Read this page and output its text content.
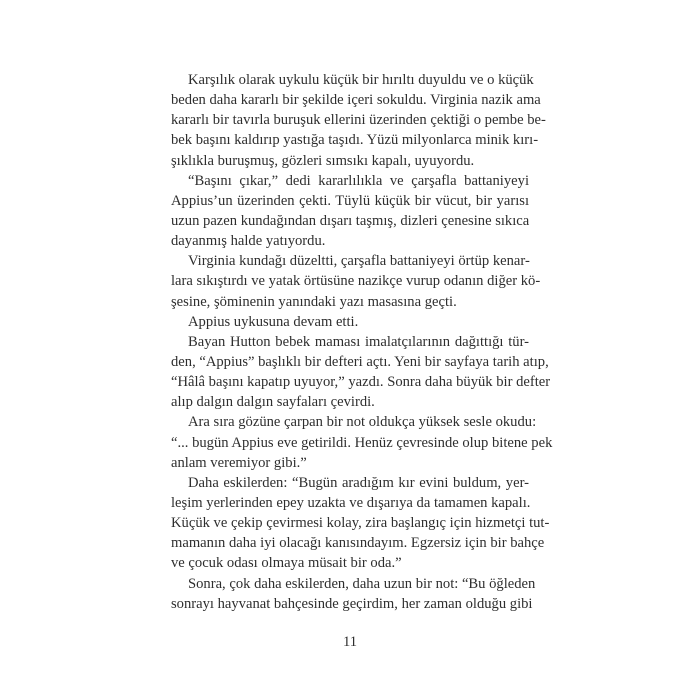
Karşılık olarak uykulu küçük bir hırıltı duyuldu ve o küçük
beden daha kararlı bir şekilde içeri sokuldu. Virginia nazik ama
kararlı bir tavırla buruşuk ellerini üzerinden çektiği o pembe be-
bek başını kaldırıp yastığa taşıdı. Yüzü milyonlarca minik kırı-
şıklıkla buruşmuş, gözleri sımsıkı kapalı, uyuyordu.
“Başını çıkar,” dedi kararlılıkla ve çarşafla battaniyeyi
Appius’un üzerinden çekti. Tüylü küçük bir vücut, bir yarısı
uzun pazen kundağından dışarı taşmış, dizleri çenesine sıkıca
dayanmış halde yatıyordu.
Virginia kundağı düzeltti, çarşafla battaniyeyi örtüp kenar-
lara sıkıştırdı ve yatak örtüsüne nazikçe vurup odanın diğer kö-
şesine, şöminenin yanındaki yazı masasına geçti.
Appius uykusuna devam etti.
Bayan Hutton bebek maması imalatçılarının dağıttığı tür-
den, “Appius” başlıklı bir defteri açtı. Yeni bir sayfaya tarih atıp,
“Hâlâ başını kapatıp uyuyor,” yazdı. Sonra daha büyük bir defter
alıp dalgın dalgın sayfaları çevirdi.
Ara sıra gözüne çarpan bir not oldukça yüksek sesle okudu:
“... bugün Appius eve getirildi. Henüz çevresinde olup bitene pek
anlam veremiyor gibi.”
Daha eskilerden: “Bugün aradığım kır evini buldum, yer-
leşim yerlerinden epey uzakta ve dışarıya da tamamen kapalı.
Küçük ve çekip çevirmesi kolay, zira başlangıç için hizmetçi tut-
mamanın daha iyi olacağı kanısındayım. Egzersiz için bir bahçe
ve çocuk odası olmaya müsait bir oda.”
Sonra, çok daha eskilerden, daha uzun bir not: “Bu öğleden
sonrayı hayvanat bahçesinde geçirdim, her zaman olduğu gibi
11
